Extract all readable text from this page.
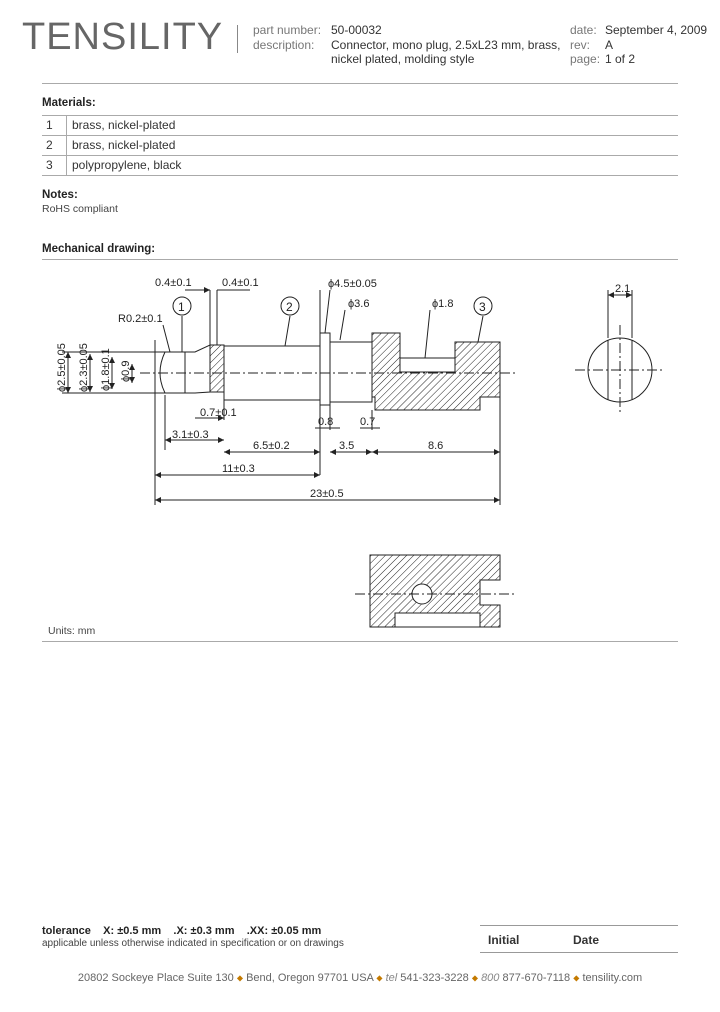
TENSILITY part number: 50-00032
description: Connector, mono plug, 2.5xL23 mm, brass,
nickel plated, molding style
date: September 4, 2009
rev: A
page: 1 of 2
Materials:
1 brass, nickel-plated
2 brass, nickel-plated
3 polypropylene, black
Notes:
RoHS compliant
Mechanical drawing:
0.4±0.1	0.4±0.1
R0.2±0.1
ϕ4.5±0.05
ϕ3.6	ϕ1.8
2.1
0.7±0.1
3.1±0.3
0.8 0.7
6.5±0.2	3.5	8.6
11±0.3
23±0.5
ϕ2.5±0.05 ϕ2.3±0.05 ϕ1.8±0.1 ϕ0.9
1	2	3
Units: mm
tolerance X: ±0.5 mm .X: ±0.3 mm .XX: ±0.05 mm
applicable unless otherwise indicated in specification or on drawings	Initial	Date
20802 Sockeye Place Suite 130 ◆ Bend, Oregon 97701 USA ◆ tel 541-323-3228 ◆ 800 877-670-7118 ◆ tensility.com
